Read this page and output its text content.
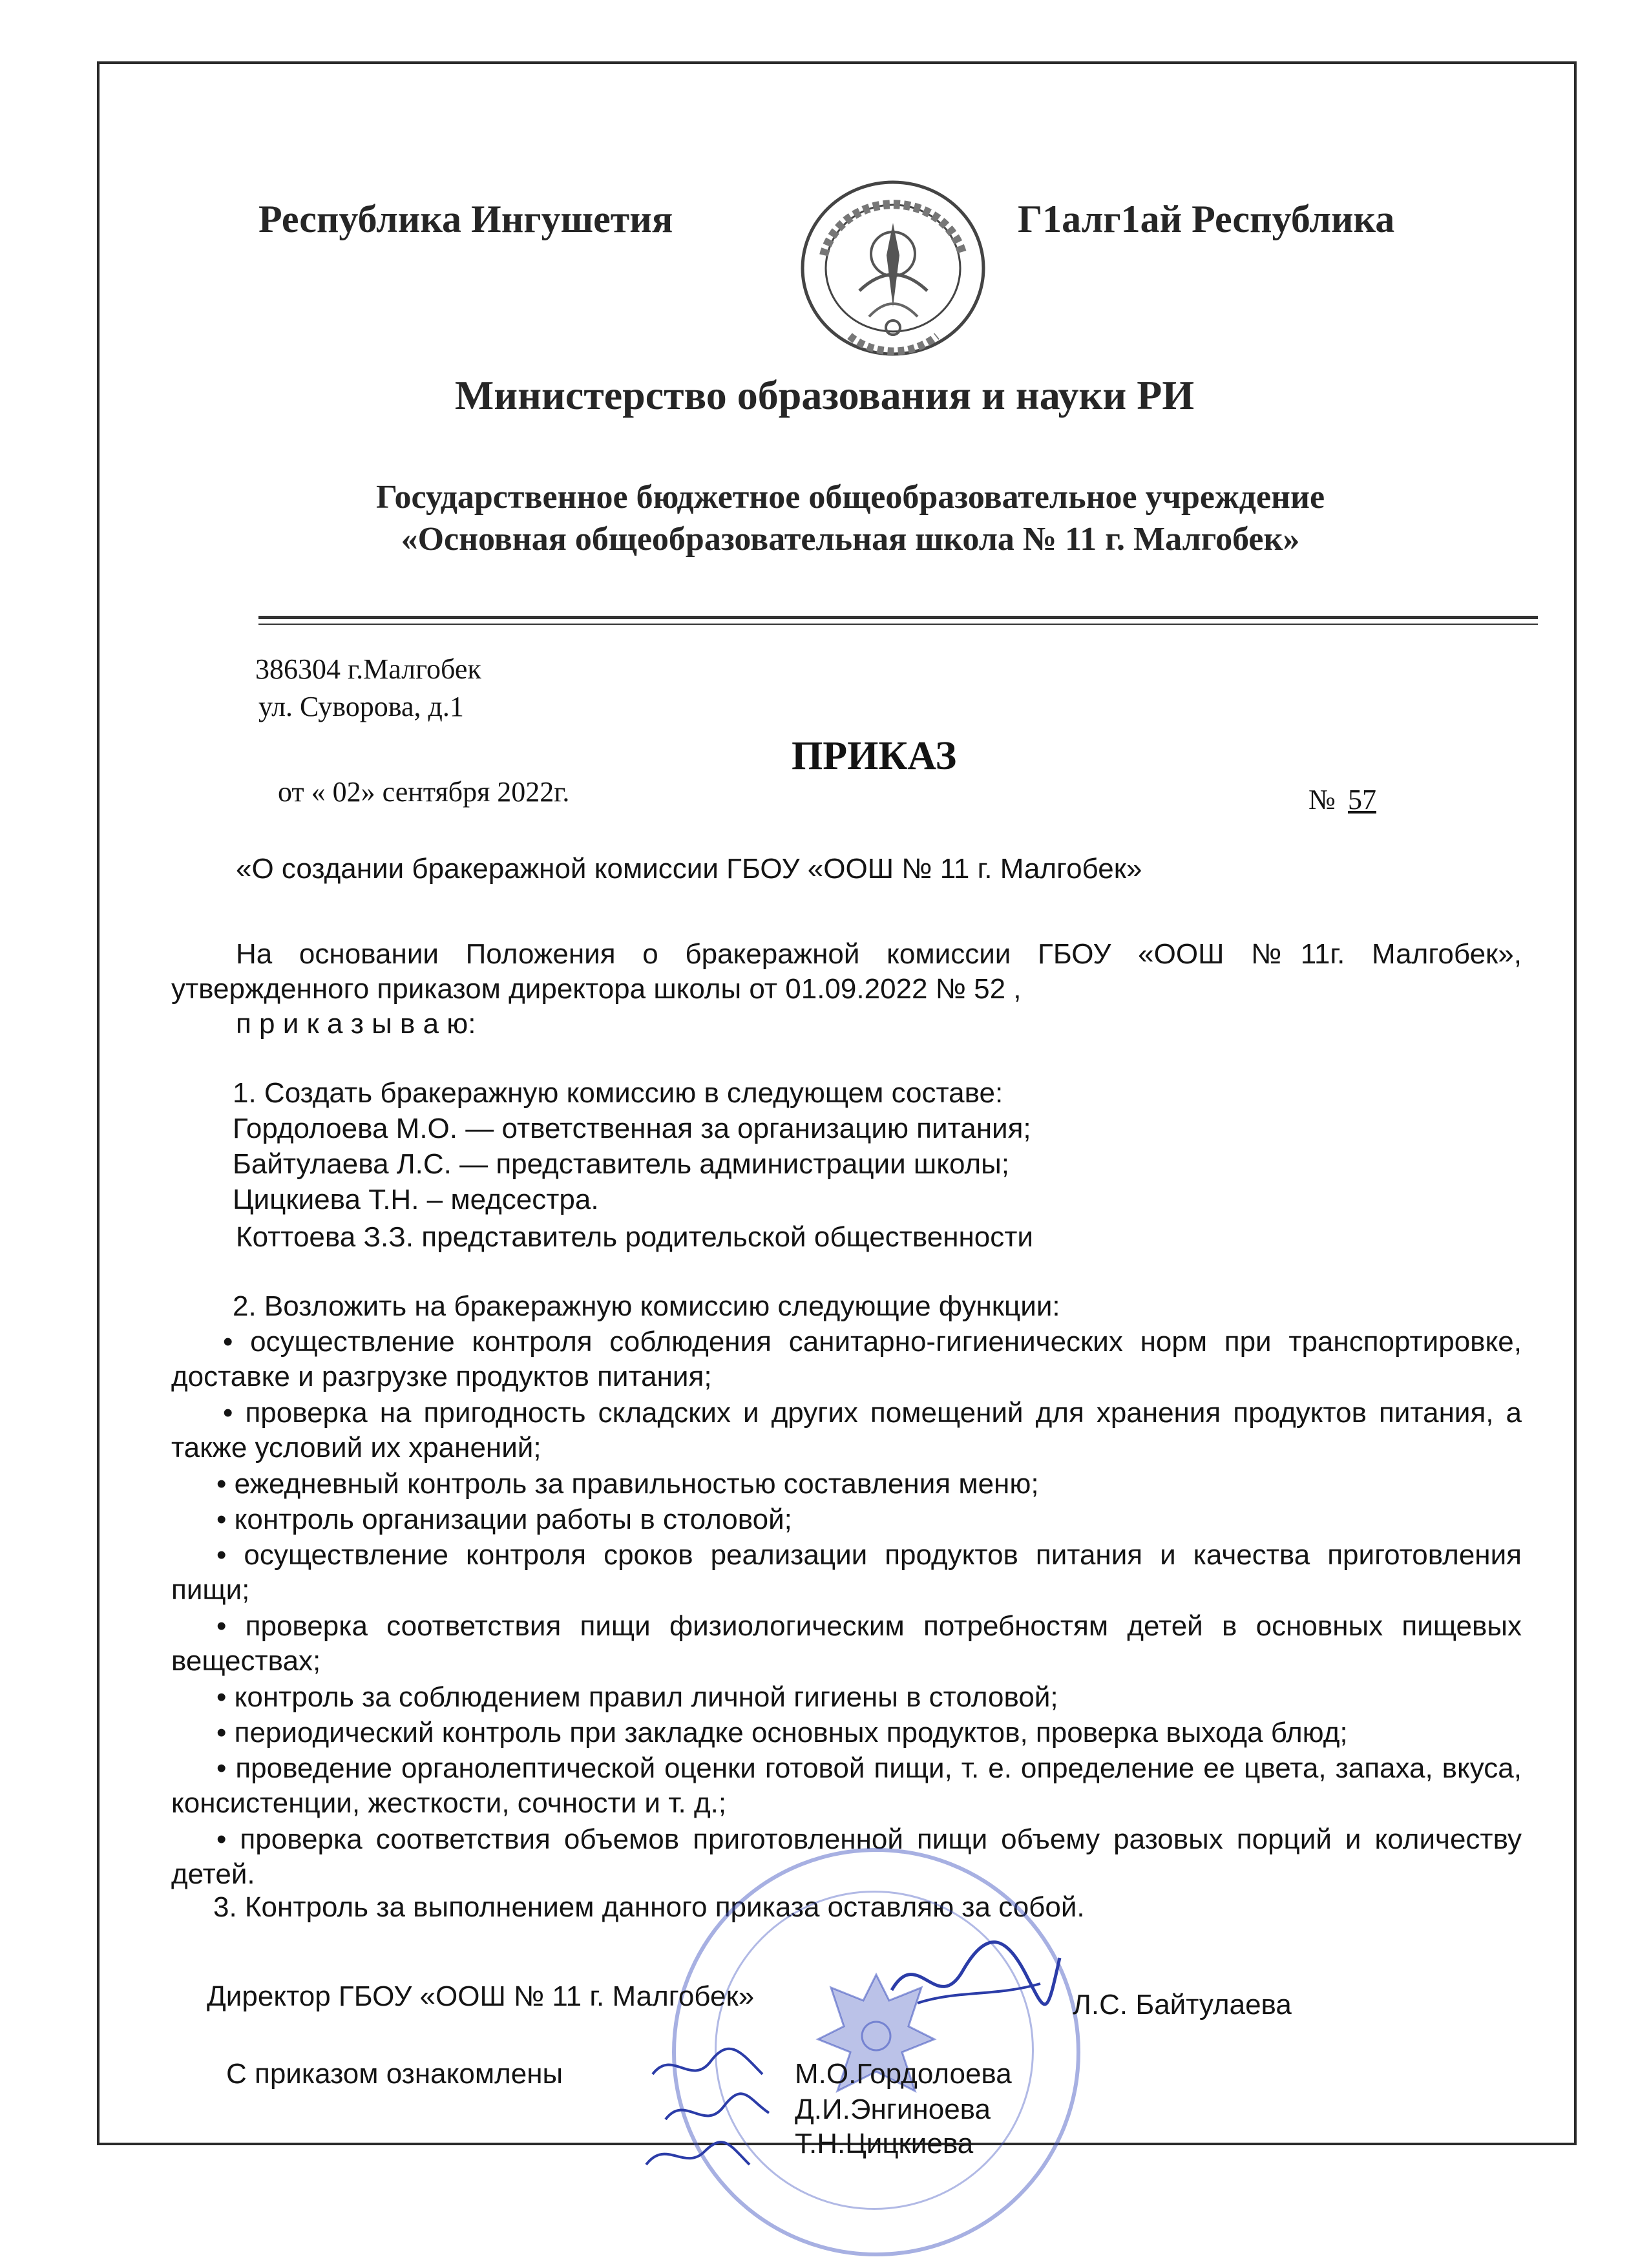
Республика Ингушетия	Г1алг1ай Республика
Министерство образования и науки РИ
Государственное бюджетное общеобразовательное учреждение
«Основная общеобразовательная школа № 11 г. Малгобек»
386304 г.Малгобек
ул. Суворова, д.1
ПРИКАЗ
от « 02» сентября 2022г.	№ 57
«О создании бракеражной комиссии ГБОУ «ООШ № 11 г. Малгобек»
На основании Положения о бракеражной комиссии ГБОУ «ООШ №11г. Малгобек», утвержденного приказом директора школы от 01.09.2022 № 52 ,
п р и к а з ы в а ю:
1. Создать бракеражную комиссию в следующем составе:
Гордолоева М.О. — ответственная за организацию питания;
Байтулаева Л.С. — представитель администрации школы;
Цицкиева Т.Н. – медсестра.
Коттоева З.З. представитель родительской общественности
2. Возложить на бракеражную комиссию следующие функции:
• осуществление контроля соблюдения санитарно-гигиенических норм при транспортировке, доставке и разгрузке продуктов питания;
• проверка на пригодность складских и других помещений для хранения продуктов питания, а также условий их хранений;
• ежедневный контроль за правильностью составления меню;
• контроль организации работы в столовой;
• осуществление контроля сроков реализации продуктов питания и качества приготовления пищи;
• проверка соответствия пищи физиологическим потребностям детей в основных пищевых веществах;
• контроль за соблюдением правил личной гигиены в столовой;
• периодический контроль при закладке основных продуктов, проверка выхода блюд;
• проведение органолептической оценки готовой пищи, т. е. определение ее цвета, запаха, вкуса, консистенции, жесткости, сочности и т. д.;
• проверка соответствия объемов приготовленной пищи объему разовых порций и количеству детей.
3. Контроль за выполнением данного приказа оставляю за собой.
Директор ГБОУ «ООШ № 11 г. Малгобек»	Л.С. Байтулаева
С приказом ознакомлены	М.О.Гордолоева
Д.И.Энгиноева
Т.Н.Цицкиева
